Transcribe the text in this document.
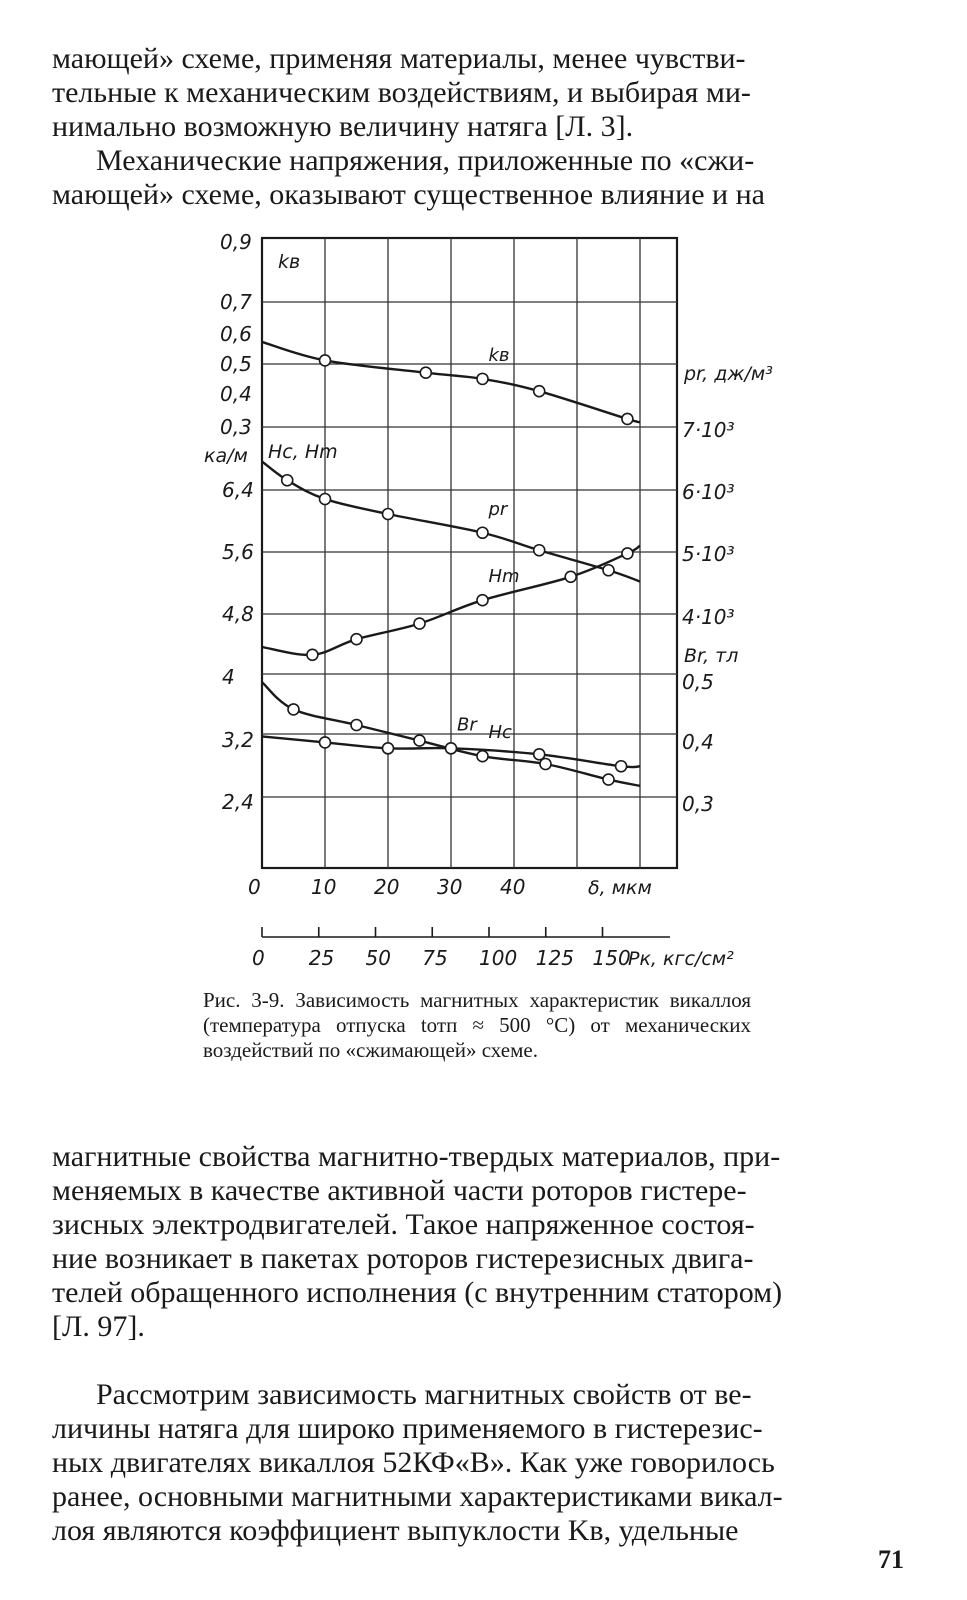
мающей» схеме, применяя материалы, менее чувстви-
тельные к механическим воздействиям, и выбирая ми-
нимально возможную величину натяга [Л. 3].
Механические напряжения, приложенные по «сжи-
мающей» схеме, оказывают существенное влияние и на
kв
pr
Hm
Hc
Br
0,9
0,7
0,6
0,5
0,4
0,3
kв
6,4
5,6
4,8
4
3,2
2,4
ка/м Hc, Hm
7·10³
6·10³
5·10³
4·10³
pr, дж/м³
0,5
0,4
0,3
Br, тл
0	10 20 30 40	δ, мкм
0 25 50 75 100 125 150
Pк, кгс/см²

Рис. 3-9. Зависимость магнитных характеристик викаллоя (температура отпуска tотп ≈ 500 °С) от механических воздействий по «сжимающей» схеме.

магнитные свойства магнитно-твердых материалов, при-
меняемых в качестве активной части роторов гистере-
зисных электродвигателей. Такое напряженное состоя-
ние возникает в пакетах роторов гистерезисных двига-
телей обращенного исполнения (с внутренним статором)
[Л. 97].
Рассмотрим зависимость магнитных свойств от ве-
личины натяга для широко применяемого в гистерезис-
ных двигателях викаллоя 52КФ«В». Как уже говорилось
ранее, основными магнитными характеристиками викал-
лоя являются коэффициент выпуклости Kв, удельные
71
